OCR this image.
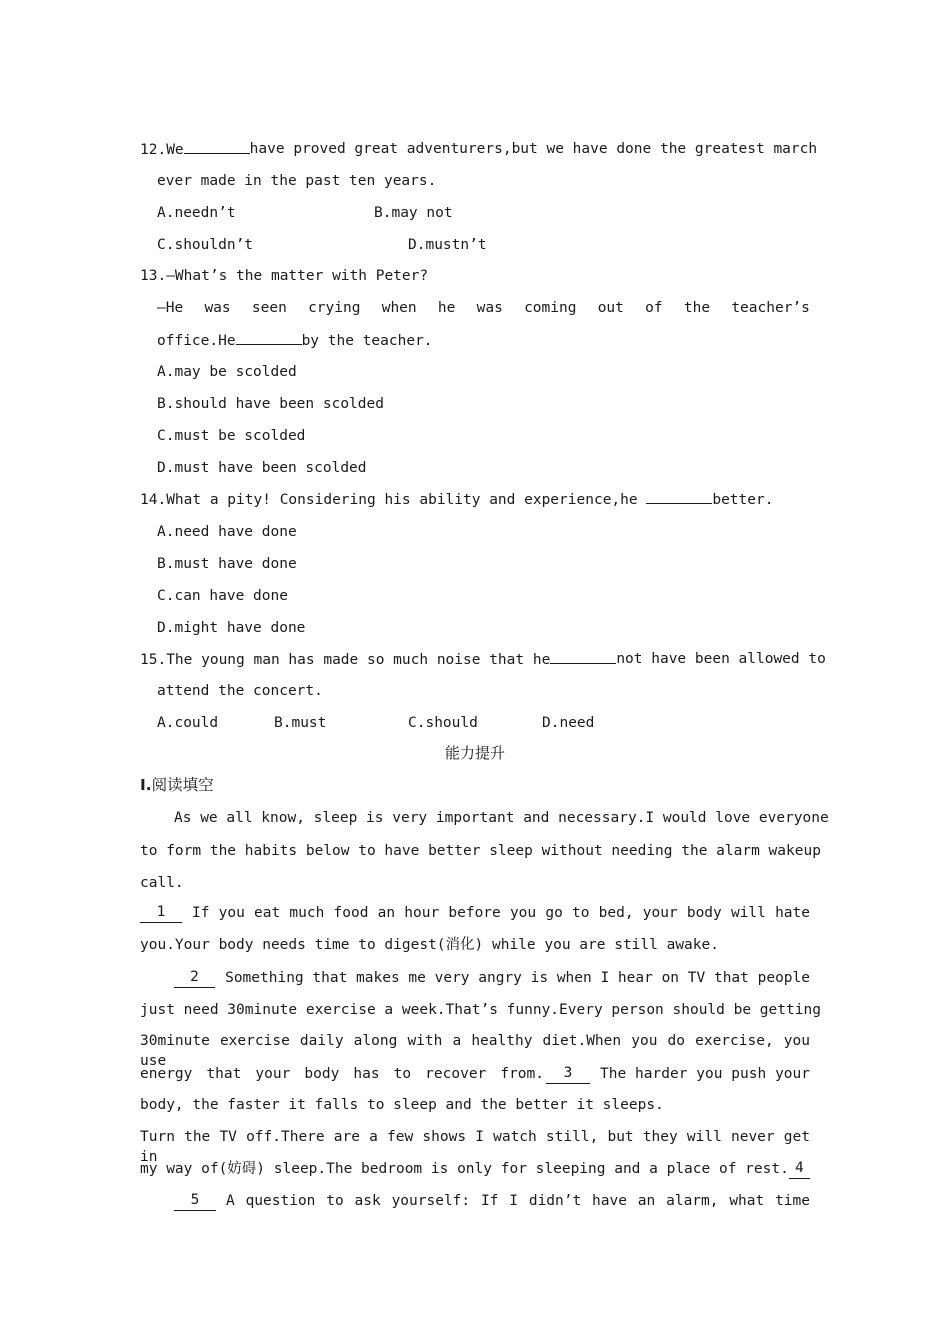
12.We	have proved great adventurers,but we have done the greatest march
ever made in the past ten years.
A.needn’t	B.may not
C.shouldn’t	D.mustn’t
13.—What’s the matter with Peter?
—He was seen crying when he was coming out of the teacher’s
office.He	by the teacher.
A.may be scolded
B.should have been scolded
C.must be scolded
D.must have been scolded
14.What a pity! Considering his ability and experience,he	better.
A.need have done
B.must have done
C.can have done
D.might have done
15.The young man has made so much noise that he	not have been allowed to
attend the concert.
A.could	B.must	C.should	D.need
能力提升
Ⅰ.阅读填空
As we all know, sleep is very important and necessary.I would love everyone
to form the habits below to have better sleep without needing the alarm wakeup
call.
1	If you eat much food an hour before you go to bed, your body will hate
you.Your body needs time to digest(消化) while you are still awake.
2	Something that makes me very angry is when I hear on TV that people
just need 30minute exercise a week.That’s funny.Every person should be getting
30minute exercise daily along with a healthy diet.When you do exercise, you use
energy that your body has to recover from.	3	The harder you push your
body, the faster it falls to sleep and the better it sleeps.
Turn the TV off.There are a few shows I watch still, but they will never get in
my way of(妨碍) sleep.The bedroom is only for sleeping and a place of rest. 4
5	A question to ask yourself: If I didn’t have an alarm, what time
